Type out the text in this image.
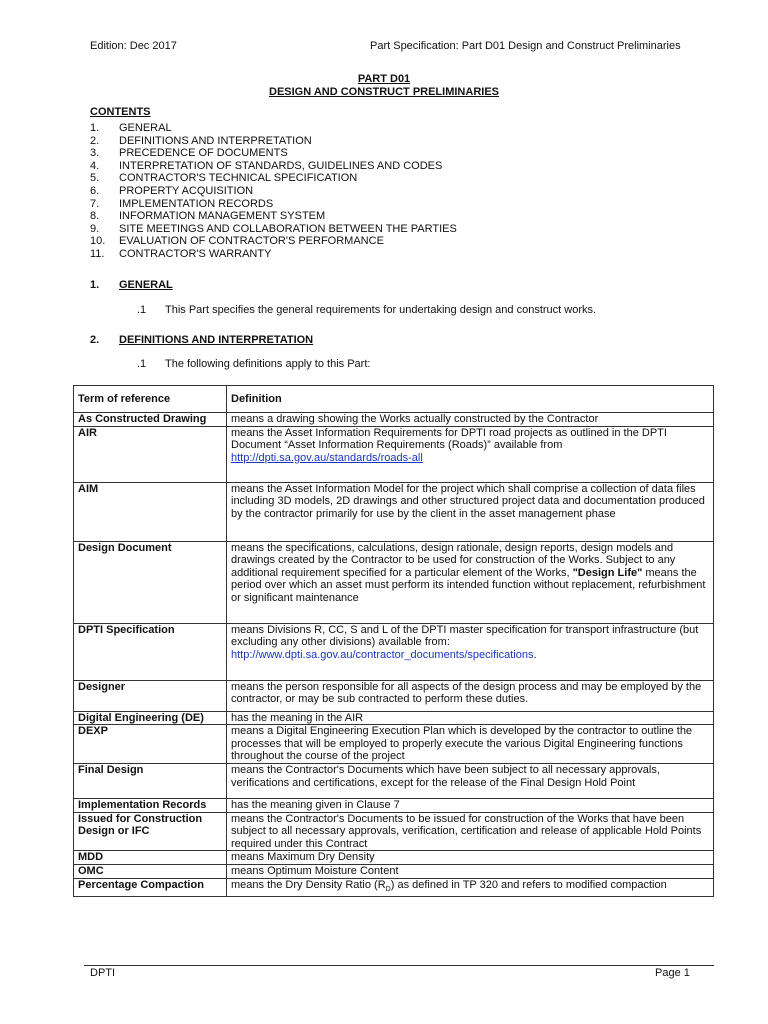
Edition: Dec 2017	Part Specification: Part D01 Design and Construct Preliminaries
PART D01
DESIGN AND CONSTRUCT PRELIMINARIES
CONTENTS
1. GENERAL
2. DEFINITIONS AND INTERPRETATION
3. PRECEDENCE OF DOCUMENTS
4. INTERPRETATION OF STANDARDS, GUIDELINES AND CODES
5. CONTRACTOR'S TECHNICAL SPECIFICATION
6. PROPERTY ACQUISITION
7. IMPLEMENTATION RECORDS
8. INFORMATION MANAGEMENT SYSTEM
9. SITE MEETINGS AND COLLABORATION BETWEEN THE PARTIES
10. EVALUATION OF CONTRACTOR'S PERFORMANCE
11. CONTRACTOR'S WARRANTY
1. GENERAL
.1 This Part specifies the general requirements for undertaking design and construct works.
2. DEFINITIONS AND INTERPRETATION
.1 The following definitions apply to this Part:
Term of reference	Definition
As Constructed Drawing	means a drawing showing the Works actually constructed by the Contractor
AIR	means the Asset Information Requirements for DPTI road projects as outlined in the DPTI Document “Asset Information Requirements (Roads)” available from
http://dpti.sa.gov.au/standards/roads-all
AIM	means the Asset Information Model for the project which shall comprise a collection of data files including 3D models, 2D drawings and other structured project data and documentation produced by the contractor primarily for use by the client in the asset management phase
Design Document	means the specifications, calculations, design rationale, design reports, design models and drawings created by the Contractor to be used for construction of the Works. Subject to any additional requirement specified for a particular element of the Works, "Design Life" means the period over which an asset must perform its intended function without replacement, refurbishment or significant maintenance
DPTI Specification	means Divisions R, CC, S and L of the DPTI master specification for transport infrastructure (but excluding any other divisions) available from:
http://www.dpti.sa.gov.au/contractor_documents/specifications.
Designer	means the person responsible for all aspects of the design process and may be employed by the contractor, or may be sub contracted to perform these duties.
Digital Engineering (DE)	has the meaning in the AIR
DEXP	means a Digital Engineering Execution Plan which is developed by the contractor to outline the processes that will be employed to properly execute the various Digital Engineering functions throughout the course of the project
Final Design	means the Contractor's Documents which have been subject to all necessary approvals, verifications and certifications, except for the release of the Final Design Hold Point
Implementation Records	has the meaning given in Clause 7
Issued for Construction Design or IFC	means the Contractor's Documents to be issued for construction of the Works that have been subject to all necessary approvals, verification, certification and release of applicable Hold Points required under this Contract
MDD	means Maximum Dry Density
OMC	means Optimum Moisture Content
Percentage Compaction	means the Dry Density Ratio $(R_D)$ as defined in TP 320 and refers to modified compaction
DPTI	Page 1
